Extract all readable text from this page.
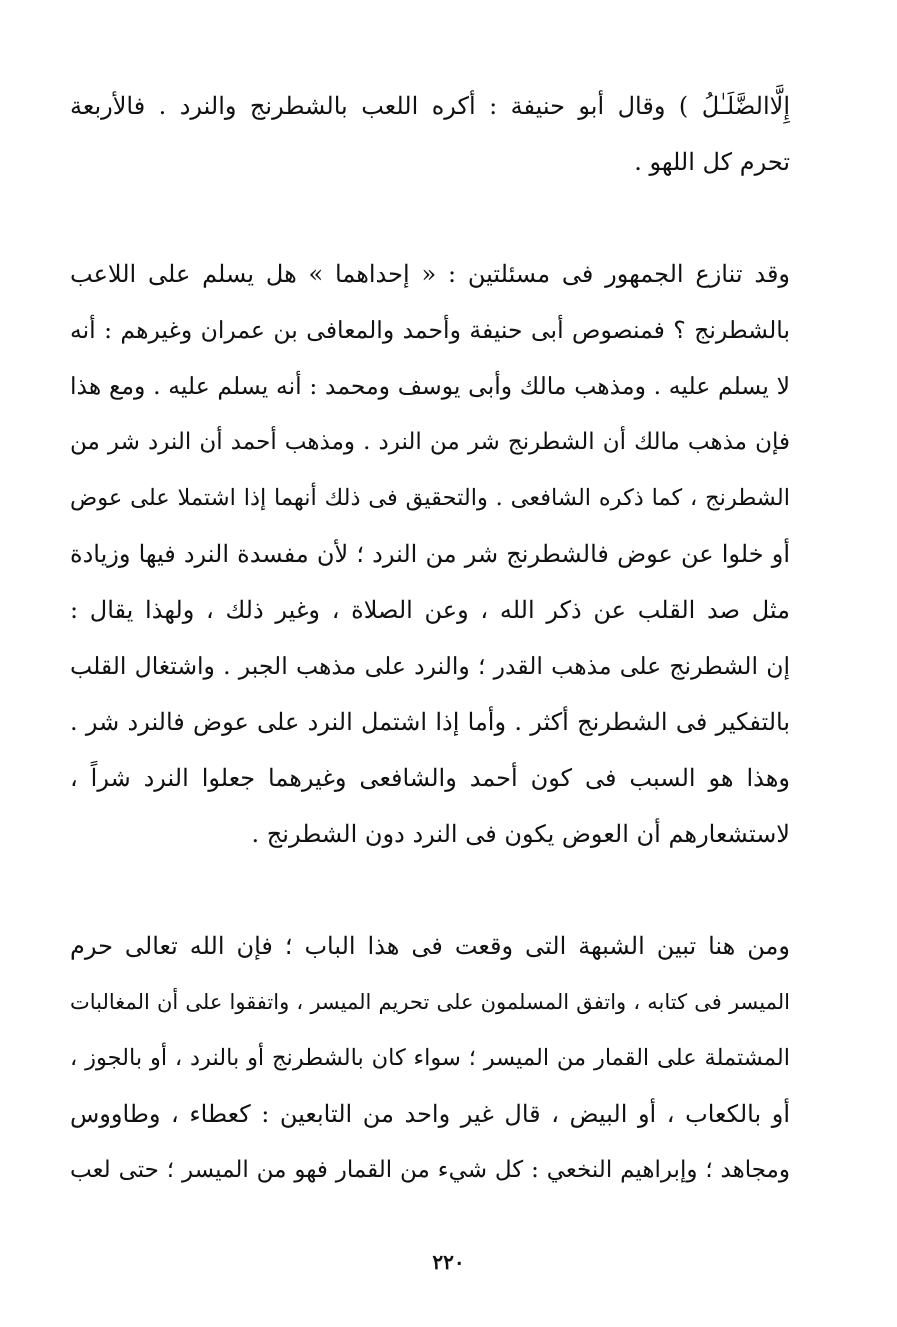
إِلَّاالضَّلَـٰلُ ) وقال أبو حنيفة : أكره اللعب بالشطرنج والنرد . فالأربعة
تحرم كل اللهو .
وقد تنازع الجمهور فى مسئلتين : « إحداهما » هل يسلم على اللاعب
بالشطرنج ؟ فمنصوص أبى حنيفة وأحمد والمعافى بن عمران وغيرهم : أنه
لا يسلم عليه . ومذهب مالك وأبى يوسف ومحمد : أنه يسلم عليه . ومع هذا
فإن مذهب مالك أن الشطرنج شر من النرد . ومذهب أحمد أن النرد شر من
الشطرنج ، كما ذكره الشافعى . والتحقيق فى ذلك أنهما إذا اشتملا على عوض
أو خلوا عن عوض فالشطرنج شر من النرد ؛ لأن مفسدة النرد فيها وزيادة
مثل صد القلب عن ذكر الله ، وعن الصلاة ، وغير ذلك ، ولهذا يقال :
إن الشطرنج على مذهب القدر ؛ والنرد على مذهب الجبر . واشتغال القلب
بالتفكير فى الشطرنج أكثر . وأما إذا اشتمل النرد على عوض فالنرد شر .
وهذا هو السبب فى كون أحمد والشافعى وغيرهما جعلوا النرد شراً ،
لاستشعارهم أن العوض يكون فى النرد دون الشطرنج .
ومن هنا تبين الشبهة التى وقعت فى هذا الباب ؛ فإن الله تعالى حرم
الميسر فى كتابه ، واتفق المسلمون على تحريم الميسر ، واتفقوا على أن المغالبات
المشتملة على القمار من الميسر ؛ سواء كان بالشطرنج أو بالنرد ، أو بالجوز ،
أو بالكعاب ، أو البيض ، قال غير واحد من التابعين : كعطاء ، وطاووس
ومجاهد ؛ وإبراهيم النخعي : كل شيء من القمار فهو من الميسر ؛ حتى لعب
٢٢٠
